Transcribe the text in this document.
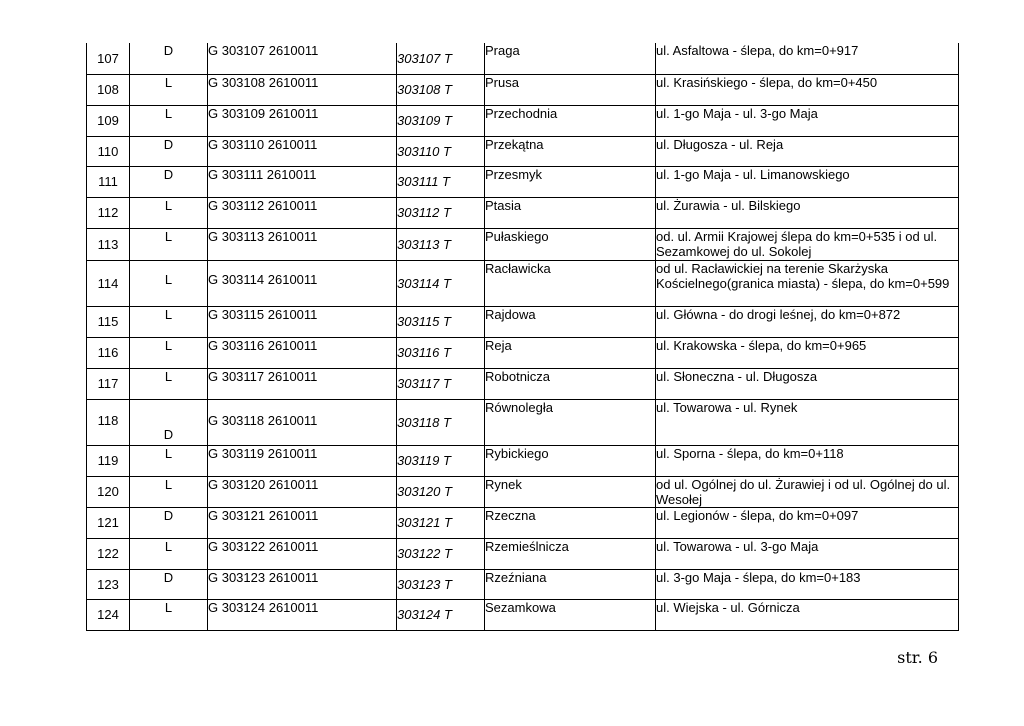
107	D	G 303107 2610011	303107 T	Praga	ul. Asfaltowa - ślepa, do km=0+917
108	L	G 303108 2610011	303108 T	Prusa	ul. Krasińskiego - ślepa, do km=0+450
109	L	G 303109 2610011	303109 T	Przechodnia	ul. 1-go Maja - ul. 3-go Maja
110	D	G 303110 2610011	303110 T	Przekątna	ul. Długosza - ul. Reja
111	D	G 303111 2610011	303111 T	Przesmyk	ul. 1-go Maja - ul. Limanowskiego
112	L	G 303112 2610011	303112 T	Ptasia	ul. Żurawia - ul. Bilskiego
113	L	G 303113 2610011	303113 T	Pułaskiego	od. ul. Armii Krajowej ślepa do km=0+535 i od ul. Sezamkowej do ul. Sokolej
114	L	G 303114 2610011	303114 T	Racławicka	od ul. Racławickiej na terenie Skarżyska Kościelnego(granica miasta) - ślepa, do km=0+599
115	L	G 303115 2610011	303115 T	Rajdowa	ul. Główna - do drogi leśnej, do km=0+872
116	L	G 303116 2610011	303116 T	Reja	ul. Krakowska - ślepa, do km=0+965
117	L	G 303117 2610011	303117 T	Robotnicza	ul. Słoneczna - ul. Długosza
118	D	G 303118 2610011	303118 T	Równoległa	ul. Towarowa - ul. Rynek
119	L	G 303119 2610011	303119 T	Rybickiego	ul. Sporna - ślepa, do km=0+118
120	L	G 303120 2610011	303120 T	Rynek	od ul. Ogólnej do ul. Żurawiej i od ul. Ogólnej do ul. Wesołej
121	D	G 303121 2610011	303121 T	Rzeczna	ul. Legionów - ślepa, do km=0+097
122	L	G 303122 2610011	303122 T	Rzemieślnicza	ul. Towarowa - ul. 3-go Maja
123	D	G 303123 2610011	303123 T	Rzeźniana	ul. 3-go Maja - ślepa, do km=0+183
124	L	G 303124 2610011	303124 T	Sezamkowa	ul. Wiejska - ul. Górnicza
str. 6
